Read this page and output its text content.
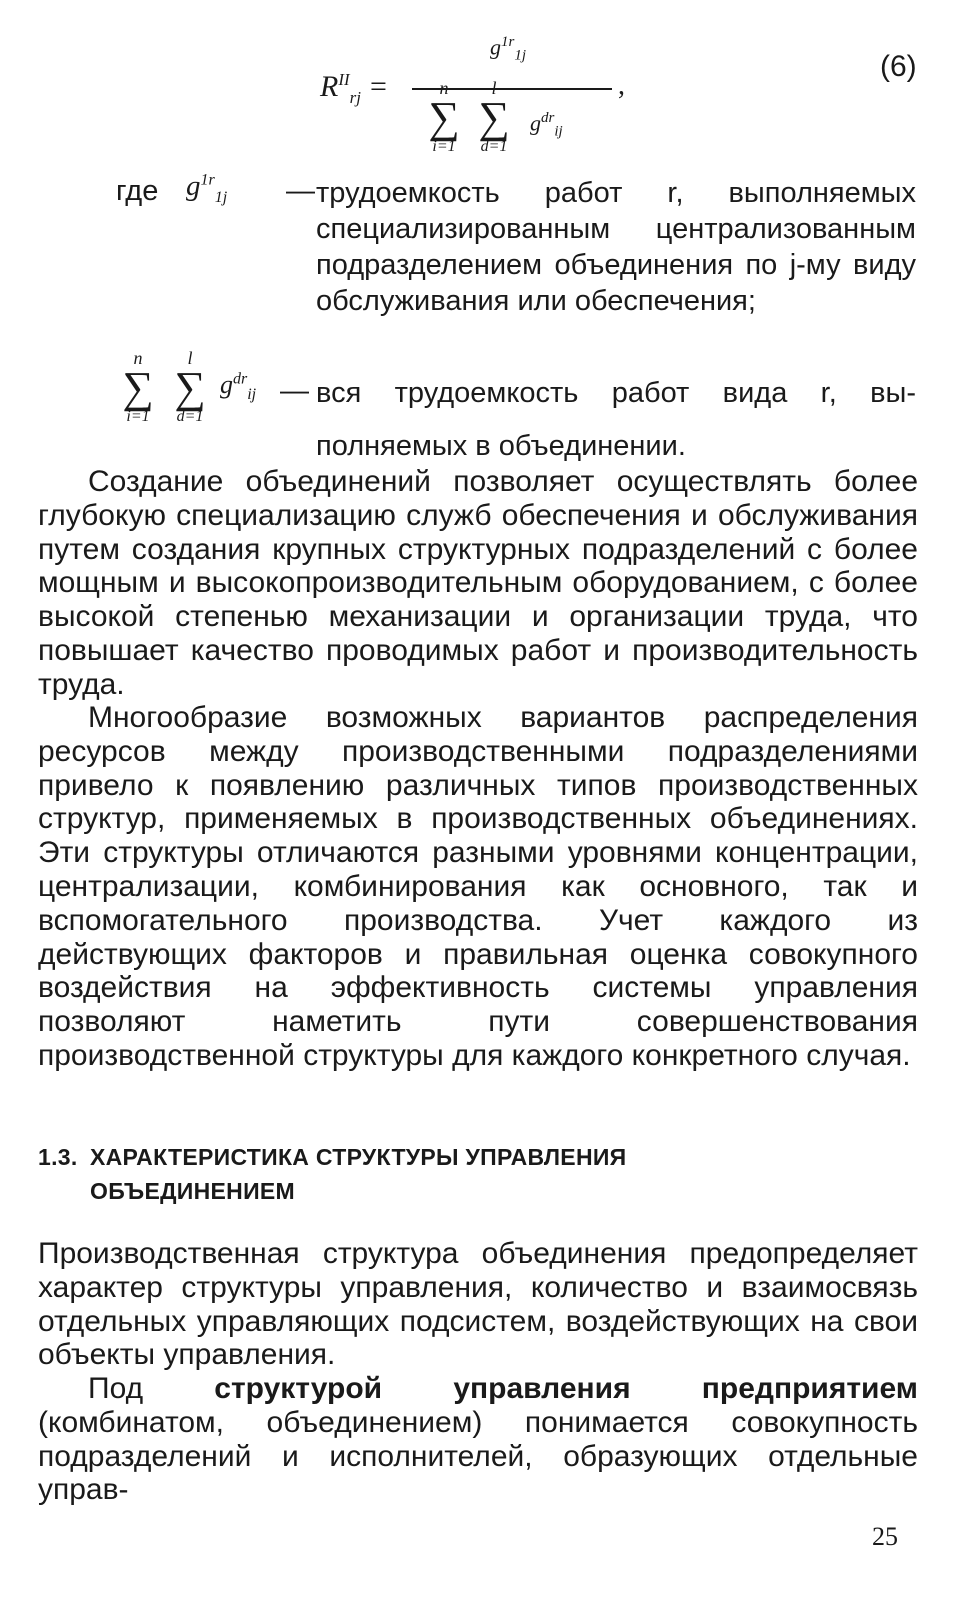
$R^{II}_{rj}$ =
$g^{1r}_{1j}$
,
n
∑
i=1
l
∑
d=1
$g^{dr}_{ij}$
(6)
где $g^{1r}_{1j}$ — трудоемкость работ r, выполняемых специализированным централизованным подразделением объединения по j-му виду обслуживания или обеспечения;
n
∑
i=1
l
∑
d=1
$g^{dr}_{ij}$ — вся трудоемкость работ вида r, вы-
полняемых в объединении.

Создание объединений позволяет осуществлять более глубокую специализацию служб обеспечения и обслуживания путем создания крупных структурных подразделений с более мощным и высокопроизводительным оборудованием, с более высокой степенью механизации и организации труда, что повышает качество проводимых работ и производительность труда.

Многообразие возможных вариантов распределения ресурсов между производственными подразделениями привело к появлению различных типов производственных структур, применяемых в производственных объединениях. Эти структуры отличаются разными уровнями концентрации, централизации, комбинирования как основного, так и вспомогательного производства. Учет каждого из действующих факторов и правильная оценка совокупного воздействия на эффективность системы управления позволяют наметить пути совершенствования производственной структуры для каждого конкретного случая.

1.3. ХАРАКТЕРИСТИКА СТРУКТУРЫ УПРАВЛЕНИЯ
ОБЪЕДИНЕНИЕМ

Производственная структура объединения предопределяет характер структуры управления, количество и взаимосвязь отдельных управляющих подсистем, воздействующих на свои объекты управления.

Под структурой управления предприятием (комбинатом, объединением) понимается совокупность подразделений и исполнителей, образующих отдельные управ-

25
